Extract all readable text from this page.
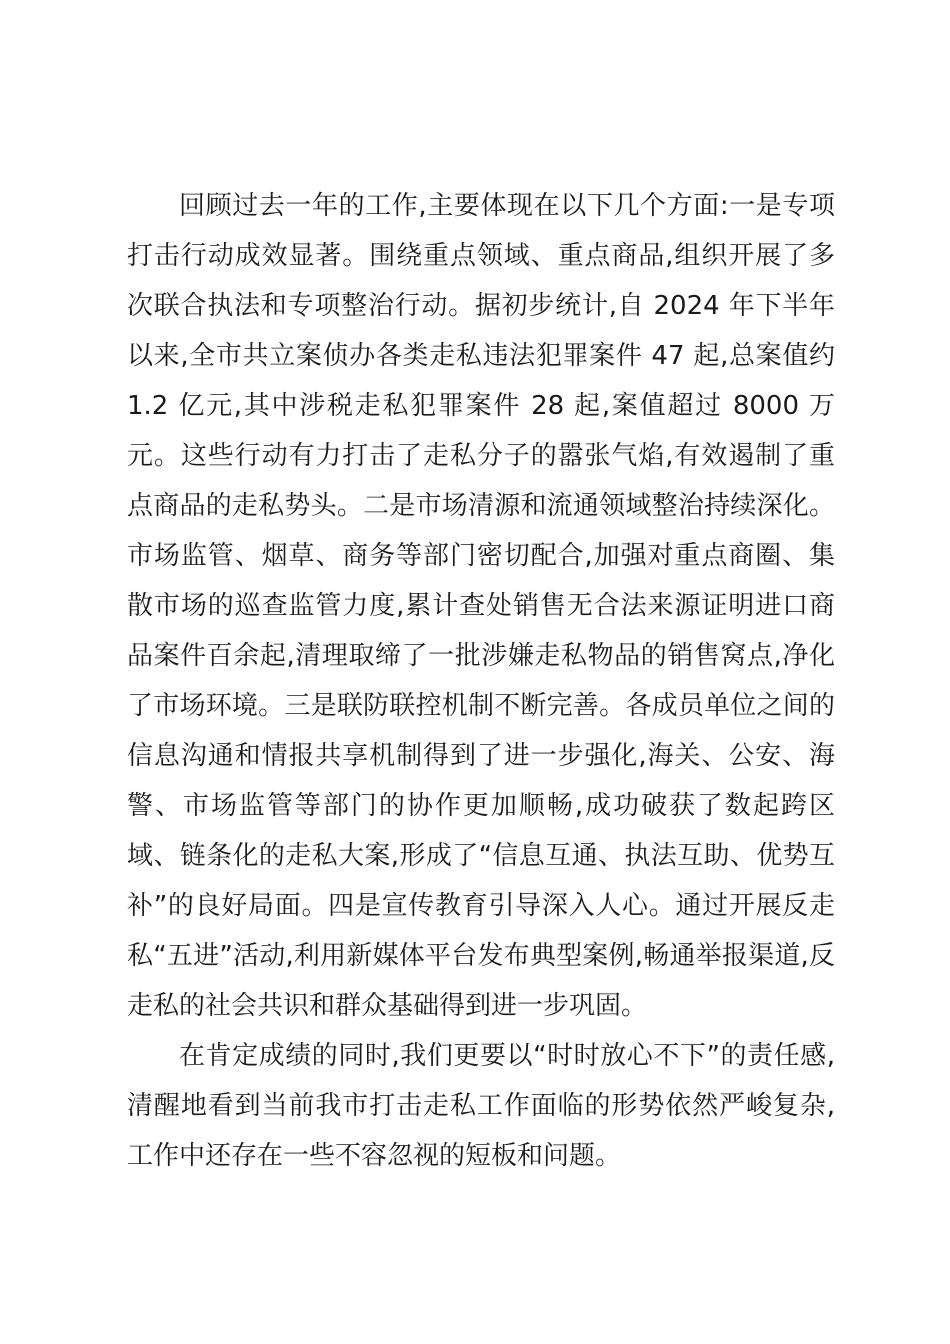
回顾过去一年的工作,主要体现在以下几个方面:一是专项打击行动成效显著。围绕重点领域、重点商品,组织开展了多次联合执法和专项整治行动。据初步统计,自 2024 年下半年以来,全市共立案侦办各类走私违法犯罪案件 47 起,总案值约 1.2 亿元,其中涉税走私犯罪案件 28 起,案值超过 8000 万元。这些行动有力打击了走私分子的嚣张气焰,有效遏制了重点商品的走私势头。二是市场清源和流通领域整治持续深化。市场监管、烟草、商务等部门密切配合,加强对重点商圈、集散市场的巡查监管力度,累计查处销售无合法来源证明进口商品案件百余起,清理取缔了一批涉嫌走私物品的销售窝点,净化了市场环境。三是联防联控机制不断完善。各成员单位之间的信息沟通和情报共享机制得到了进一步强化,海关、公安、海警、市场监管等部门的协作更加顺畅,成功破获了数起跨区域、链条化的走私大案,形成了“信息互通、执法互助、优势互补”的良好局面。四是宣传教育引导深入人心。通过开展反走私“五进”活动,利用新媒体平台发布典型案例,畅通举报渠道,反走私的社会共识和群众基础得到进一步巩固。

在肯定成绩的同时,我们更要以“时时放心不下”的责任感,清醒地看到当前我市打击走私工作面临的形势依然严峻复杂,工作中还存在一些不容忽视的短板和问题。
